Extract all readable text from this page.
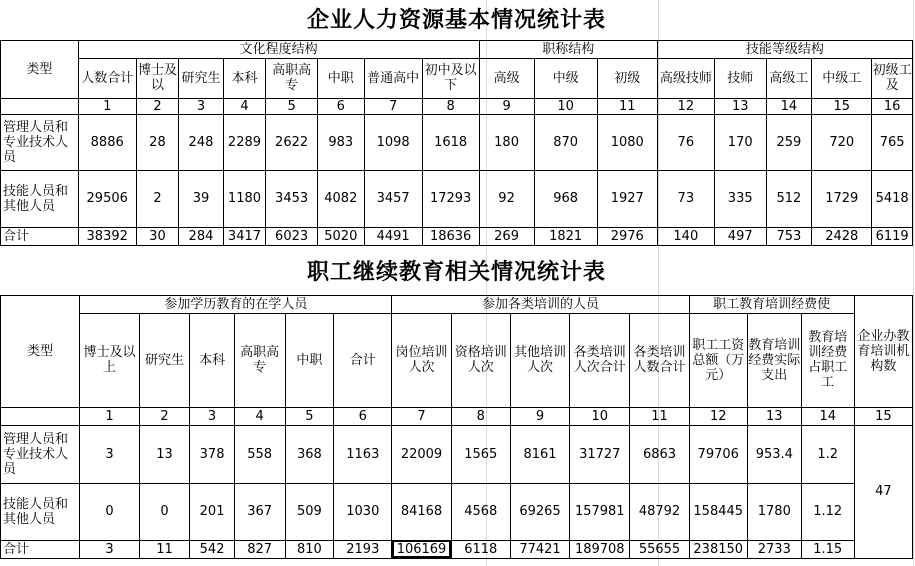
企业人力资源基本情况统计表																
类型	文化程度结构								职称结构			技能等级结构				
	人数合计	博士及以	研究生	本科	高职高专	中职	普通高中	初中及以下	高级	中级	初级	高级技师	技师	高级工	中级工	初级工及
	1	2	3	4	5	6	7	8	9	10	11	12	13	14	15	16
管理人员和专业技术人员	8886	28	248	2289	2622	983	1098	1618	180	870	1080	76	170	259	720	765
技能人员和其他人员	29506	2	39	1180	3453	4082	3457	17293	92	968	1927	73	335	512	1729	5418
合计	38392	30	284	3417	6023	5020	4491	18636	269	1821	2976	140	497	753	2428	6119
职工继续教育相关情况统计表															
类型	参加学历教育的在学人员						参加各类培训的人员					职工教育培训经费使			企业办教育培训机构数
	博士及以上	研究生	本科	高职高专	中职	合计	岗位培训人次	资格培训人次	其他培训人次	各类培训人次合计	各类培训人数合计	职工工资总额（万元）	教育培训经费实际支出	教育培训经费占职工工	
	1	2	3	4	5	6	7	8	9	10	11	12	13	14	15
管理人员和专业技术人员	3	13	378	558	368	1163	22009	1565	8161	31727	6863	79706	953.4	1.2	47
技能人员和其他人员	0	0	201	367	509	1030	84168	4568	69265	157981	48792	158445	1780	1.12	
合计	3	11	542	827	810	2193	106169	6118	77421	189708	55655	238150	2733	1.15	
